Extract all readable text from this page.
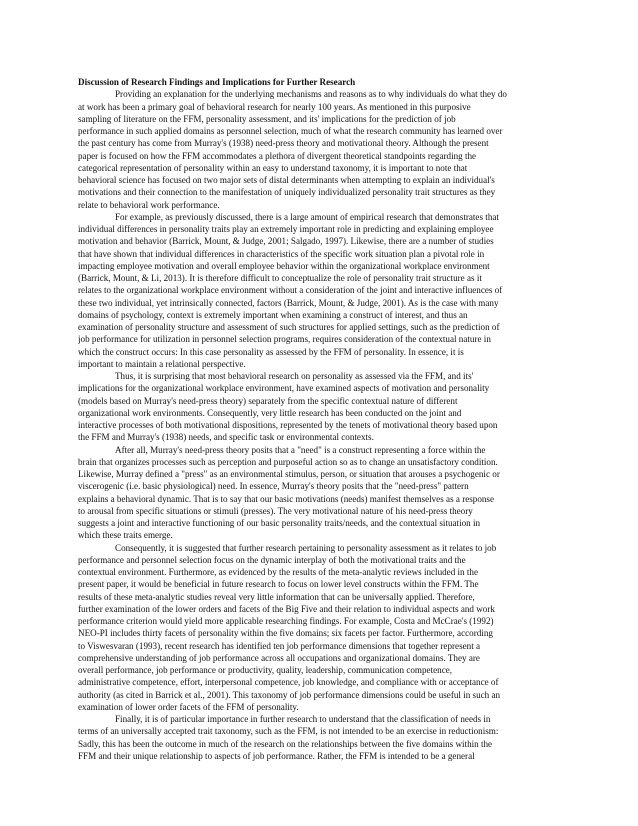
Discussion of Research Findings and Implications for Further Research
Providing an explanation for the underlying mechanisms and reasons as to why individuals do what they do
at work has been a primary goal of behavioral research for nearly 100 years. As mentioned in this purposive
sampling of literature on the FFM, personality assessment, and its' implications for the prediction of job
performance in such applied domains as personnel selection, much of what the research community has learned over
the past century has come from Murray's (1938) need-press theory and motivational theory. Although the present
paper is focused on how the FFM accommodates a plethora of divergent theoretical standpoints regarding the
categorical representation of personality within an easy to understand taxonomy, it is important to note that
behavioral science has focused on two major sets of distal determinants when attempting to explain an individual's
motivations and their connection to the manifestation of uniquely individualized personality trait structures as they
relate to behavioral work performance.
For example, as previously discussed, there is a large amount of empirical research that demonstrates that
individual differences in personality traits play an extremely important role in predicting and explaining employee
motivation and behavior (Barrick, Mount, & Judge, 2001; Salgado, 1997). Likewise, there are a number of studies
that have shown that individual differences in characteristics of the specific work situation plan a pivotal role in
impacting employee motivation and overall employee behavior within the organizational workplace environment
(Barrick, Mount, & Li, 2013). It is therefore difficult to conceptualize the role of personality trait structure as it
relates to the organizational workplace environment without a consideration of the joint and interactive influences of
these two individual, yet intrinsically connected, factors (Barrick, Mount, & Judge, 2001). As is the case with many
domains of psychology, context is extremely important when examining a construct of interest, and thus an
examination of personality structure and assessment of such structures for applied settings, such as the prediction of
job performance for utilization in personnel selection programs, requires consideration of the contextual nature in
which the construct occurs: In this case personality as assessed by the FFM of personality. In essence, it is
important to maintain a relational perspective.
Thus, it is surprising that most behavioral research on personality as assessed via the FFM, and its'
implications for the organizational workplace environment, have examined aspects of motivation and personality
(models based on Murray's need-press theory) separately from the specific contextual nature of different
organizational work environments. Consequently, very little research has been conducted on the joint and
interactive processes of both motivational dispositions, represented by the tenets of motivational theory based upon
the FFM and Murray's (1938) needs, and specific task or environmental contexts.
After all, Murray's need-press theory posits that a "need" is a construct representing a force within the
brain that organizes processes such as perception and purposeful action so as to change an unsatisfactory condition.
Likewise, Murray defined a "press" as an environmental stimulus, person, or situation that arouses a psychogenic or
viscerogenic (i.e. basic physiological) need. In essence, Murray's theory posits that the "need-press" pattern
explains a behavioral dynamic. That is to say that our basic motivations (needs) manifest themselves as a response
to arousal from specific situations or stimuli (presses). The very motivational nature of his need-press theory
suggests a joint and interactive functioning of our basic personality traits/needs, and the contextual situation in
which these traits emerge.
Consequently, it is suggested that further research pertaining to personality assessment as it relates to job
performance and personnel selection focus on the dynamic interplay of both the motivational traits and the
contextual environment. Furthermore, as evidenced by the results of the meta-analytic reviews included in the
present paper, it would be beneficial in future research to focus on lower level constructs within the FFM. The
results of these meta-analytic studies reveal very little information that can be universally applied. Therefore,
further examination of the lower orders and facets of the Big Five and their relation to individual aspects and work
performance criterion would yield more applicable researching findings. For example, Costa and McCrae's (1992)
NEO-PI includes thirty facets of personality within the five domains; six facets per factor. Furthermore, according
to Viswesvaran (1993), recent research has identified ten job performance dimensions that together represent a
comprehensive understanding of job performance across all occupations and organizational domains. They are
overall performance, job performance or productivity, quality, leadership, communication competence,
administrative competence, effort, interpersonal competence, job knowledge, and compliance with or acceptance of
authority (as cited in Barrick et al., 2001). This taxonomy of job performance dimensions could be useful in such an
examination of lower order facets of the FFM of personality.
Finally, it is of particular importance in further research to understand that the classification of needs in
terms of an universally accepted trait taxonomy, such as the FFM, is not intended to be an exercise in reductionism:
Sadly, this has been the outcome in much of the research on the relationships between the five domains within the
FFM and their unique relationship to aspects of job performance. Rather, the FFM is intended to be a general
